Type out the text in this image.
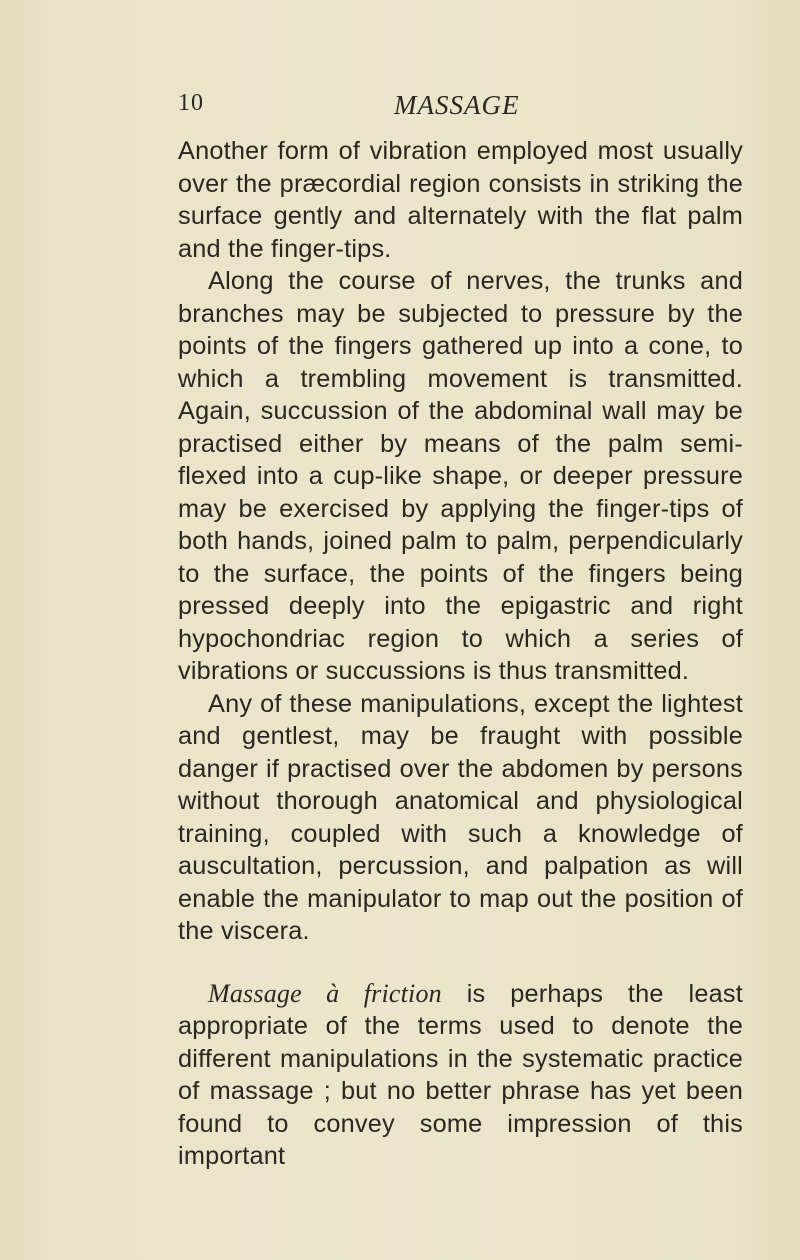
10	MASSAGE

Another form of vibration employed most usually over the præcordial region consists in striking the surface gently and alternately with the flat palm and the finger-tips.

Along the course of nerves, the trunks and branches may be subjected to pressure by the points of the fingers gathered up into a cone, to which a trembling movement is transmitted. Again, succussion of the abdominal wall may be practised either by means of the palm semi-flexed into a cup-like shape, or deeper pressure may be exercised by applying the finger-tips of both hands, joined palm to palm, perpendicularly to the surface, the points of the fingers being pressed deeply into the epigastric and right hypochondriac region to which a series of vibrations or succussions is thus transmitted.

Any of these manipulations, except the lightest and gentlest, may be fraught with possible danger if practised over the abdomen by persons without thorough anatomical and physiological training, coupled with such a knowledge of auscultation, percussion, and palpation as will enable the manipulator to map out the position of the viscera.

Massage à friction is perhaps the least appropriate of the terms used to denote the different manipulations in the systematic practice of massage ; but no better phrase has yet been found to convey some impression of this important
